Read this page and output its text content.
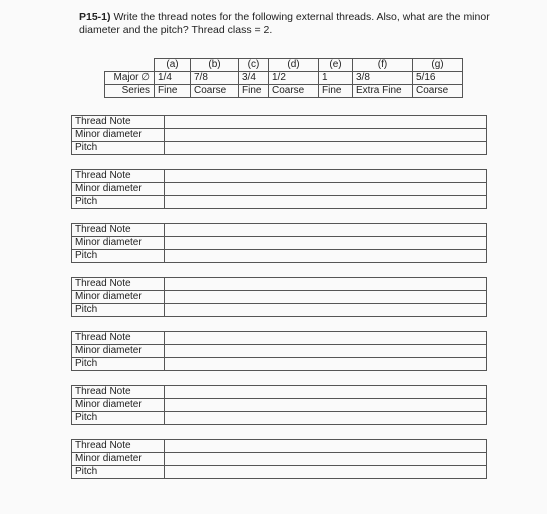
P15-1) Write the thread notes for the following external threads. Also, what are the minor diameter and the pitch? Thread class = 2.
	(a)	(b)	(c)	(d)	(e)	(f)	(g)
Major ∅	1/4	7/8	3/4	1/2	1	3/8	5/16
Series	Fine	Coarse	Fine	Coarse	Fine	Extra Fine	Coarse
Thread Note	
Minor diameter	
Pitch	
Thread Note	
Minor diameter	
Pitch	
Thread Note	
Minor diameter	
Pitch	
Thread Note	
Minor diameter	
Pitch	
Thread Note	
Minor diameter	
Pitch	
Thread Note	
Minor diameter	
Pitch	
Thread Note	
Minor diameter	
Pitch	
